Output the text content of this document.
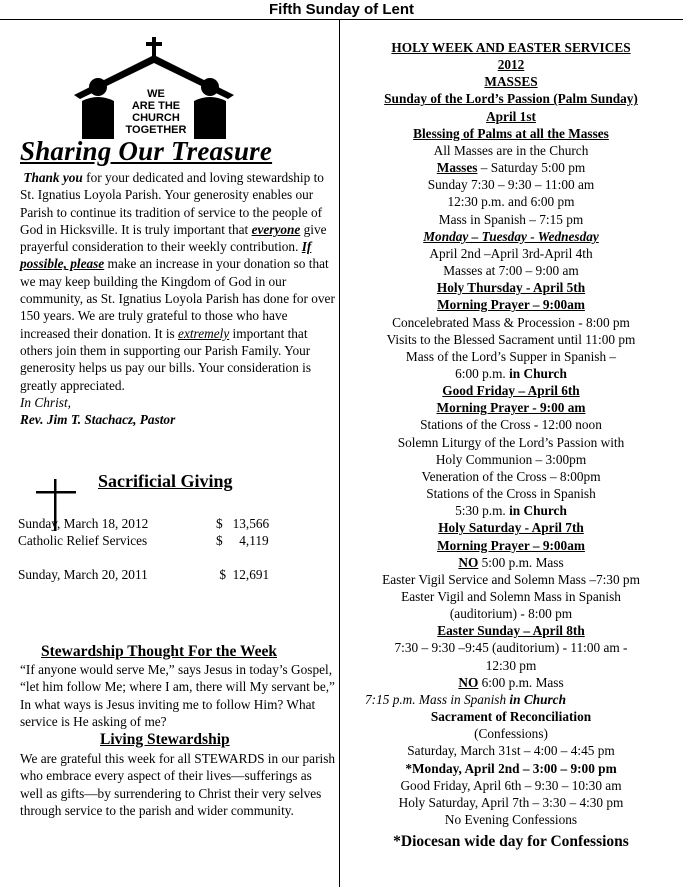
Fifth Sunday of Lent
WE
ARE THE
CHURCH
TOGETHER
Sharing Our Treasure

Thank you for your dedicated and loving stewardship to St. Ignatius Loyola Parish. Your generosity enables our Parish to continue its tradition of service to the people of God in Hicksville. It is truly important that everyone give prayerful consideration to their weekly contribution. If possible, please make an increase in your donation so that we may keep building the Kingdom of God in our community, as St. Ignatius Loyola Parish has done for over 150 years. We are truly grateful to those who have increased their donation. It is extremely important that others join them in supporting our Parish Family. Your generosity helps us pay our bills. Your consideration is greatly appreciated.

In Christ,

Rev. Jim T. Stachacz, Pastor

Sacrificial Giving
Sunday, March 18, 2012	$   13,566
Catholic Relief Services	$     4,119
Sunday, March 20, 2011	$  12,691
Stewardship Thought For the Week
“If anyone would serve Me,” says Jesus in today’s Gospel, “let him follow Me; where I am, there will My servant be,” In what ways is Jesus inviting me to follow Him? What service is He asking of me?
Living Stewardship
We are grateful this week for all STEWARDS in our parish who embrace every aspect of their lives—sufferings as well as gifts—by surrendering to Christ their very selves through service to the parish and wider community.
HOLY WEEK AND EASTER SERVICES
2012
MASSES
Sunday of the Lord’s Passion (Palm Sunday)
April 1st
Blessing of Palms at all the Masses
All Masses are in the Church
Masses – Saturday 5:00 pm
Sunday 7:30 – 9:30 – 11:00 am
12:30 p.m. and 6:00 pm
Mass in Spanish – 7:15 pm
Monday – Tuesday - Wednesday
April 2nd –April 3rd-April 4th
Masses at 7:00 – 9:00 am
Holy Thursday - April 5th
Morning Prayer – 9:00am
Concelebrated Mass & Procession - 8:00 pm
Visits to the Blessed Sacrament until 11:00 pm
Mass of the Lord’s Supper in Spanish –
6:00 p.m. in Church
Good Friday – April 6th
Morning Prayer - 9:00 am
Stations of the Cross - 12:00 noon
Solemn Liturgy of the Lord’s Passion with
Holy Communion – 3:00pm
Veneration of the Cross – 8:00pm
Stations of the Cross in Spanish
5:30 p.m. in Church
Holy Saturday - April 7th
Morning Prayer – 9:00am
NO 5:00 p.m. Mass
Easter Vigil Service and Solemn Mass –7:30 pm
Easter Vigil and Solemn Mass in Spanish
(auditorium) - 8:00 pm
Easter Sunday – April 8th
7:30 – 9:30 –9:45 (auditorium) - 11:00 am -
12:30 pm
NO 6:00 p.m. Mass
7:15 p.m. Mass in Spanish in Church
Sacrament of Reconciliation
(Confessions)
Saturday, March 31st – 4:00 – 4:45 pm
*Monday, April 2nd – 3:00 – 9:00 pm
Good Friday, April 6th – 9:30 – 10:30 am
Holy Saturday, April 7th – 3:30 – 4:30 pm
No Evening Confessions
*Diocesan wide day for Confessions
